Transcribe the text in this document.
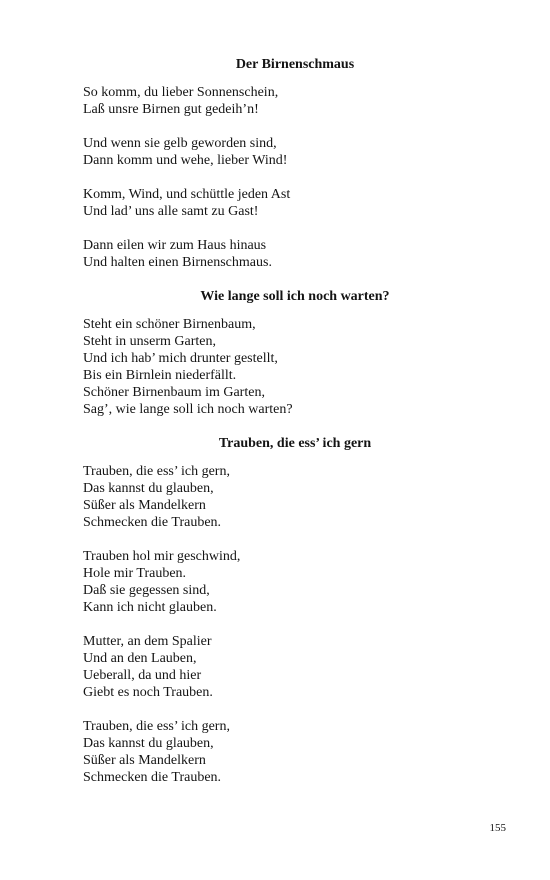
Der Birnenschmaus
So komm, du lieber Sonnenschein,
Laß unsre Birnen gut gedeih’n!
Und wenn sie gelb geworden sind,
Dann komm und wehe, lieber Wind!
Komm, Wind, und schüttle jeden Ast
Und lad’ uns alle samt zu Gast!
Dann eilen wir zum Haus hinaus
Und halten einen Birnenschmaus.
Wie lange soll ich noch warten?
Steht ein schöner Birnenbaum,
Steht in unserm Garten,
Und ich hab’ mich drunter gestellt,
Bis ein Birnlein niederfällt.
Schöner Birnenbaum im Garten,
Sag’, wie lange soll ich noch warten?
Trauben, die ess’ ich gern
Trauben, die ess’ ich gern,
Das kannst du glauben,
Süßer als Mandelkern
Schmecken die Trauben.
Trauben hol mir geschwind,
Hole mir Trauben.
Daß sie gegessen sind,
Kann ich nicht glauben.
Mutter, an dem Spalier
Und an den Lauben,
Ueberall, da und hier
Giebt es noch Trauben.
Trauben, die ess’ ich gern,
Das kannst du glauben,
Süßer als Mandelkern
Schmecken die Trauben.
155
